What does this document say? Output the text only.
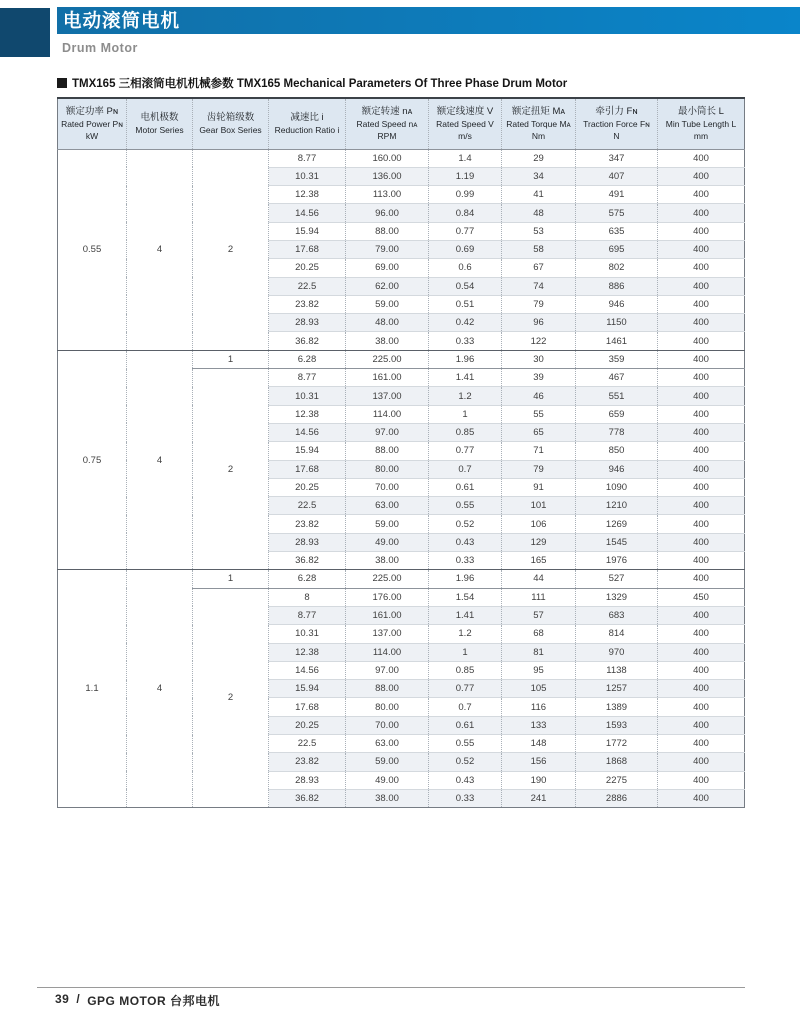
电动滚筒电机
Drum Motor
TMX165 三相滚筒电机机械参数 TMX165 Mechanical Parameters Of Three Phase Drum Motor
额定功率 Pɴ
Rated Power Pɴ
kW

电机极数
Motor Series

齿轮箱级数
Gear Box Series

减速比 i
Reduction Ratio i

额定转速 nᴀ
Rated Speed nᴀ
RPM

额定线速度 V
Rated Speed V
m/s

额定扭矩 Mᴀ
Rated Torque Mᴀ
Nm

牵引力 Fɴ
Traction Force Fɴ
N

最小筒长 L
Min Tube Length L
mm

0.55	4	2	8.77	160.00	1.4	29	347	400
			10.31	136.00	1.19	34	407	400
			12.38	113.00	0.99	41	491	400
			14.56	96.00	0.84	48	575	400
			15.94	88.00	0.77	53	635	400
			17.68	79.00	0.69	58	695	400
			20.25	69.00	0.6	67	802	400
			22.5	62.00	0.54	74	886	400
			23.82	59.00	0.51	79	946	400
			28.93	48.00	0.42	96	1150	400
			36.82	38.00	0.33	122	1461	400
0.75	4	1	6.28	225.00	1.96	30	359	400
		2	8.77	161.00	1.41	39	467	400
			10.31	137.00	1.2	46	551	400
			12.38	114.00	1	55	659	400
			14.56	97.00	0.85	65	778	400
			15.94	88.00	0.77	71	850	400
			17.68	80.00	0.7	79	946	400
			20.25	70.00	0.61	91	1090	400
			22.5	63.00	0.55	101	1210	400
			23.82	59.00	0.52	106	1269	400
			28.93	49.00	0.43	129	1545	400
			36.82	38.00	0.33	165	1976	400
1.1	4	1	6.28	225.00	1.96	44	527	400
		2	8	176.00	1.54	111	1329	450
			8.77	161.00	1.41	57	683	400
			10.31	137.00	1.2	68	814	400
			12.38	114.00	1	81	970	400
			14.56	97.00	0.85	95	1138	400
			15.94	88.00	0.77	105	1257	400
			17.68	80.00	0.7	116	1389	400
			20.25	70.00	0.61	133	1593	400
			22.5	63.00	0.55	148	1772	400
			23.82	59.00	0.52	156	1868	400
			28.93	49.00	0.43	190	2275	400
			36.82	38.00	0.33	241	2886	400
39 / GPG MOTOR 台邦电机
